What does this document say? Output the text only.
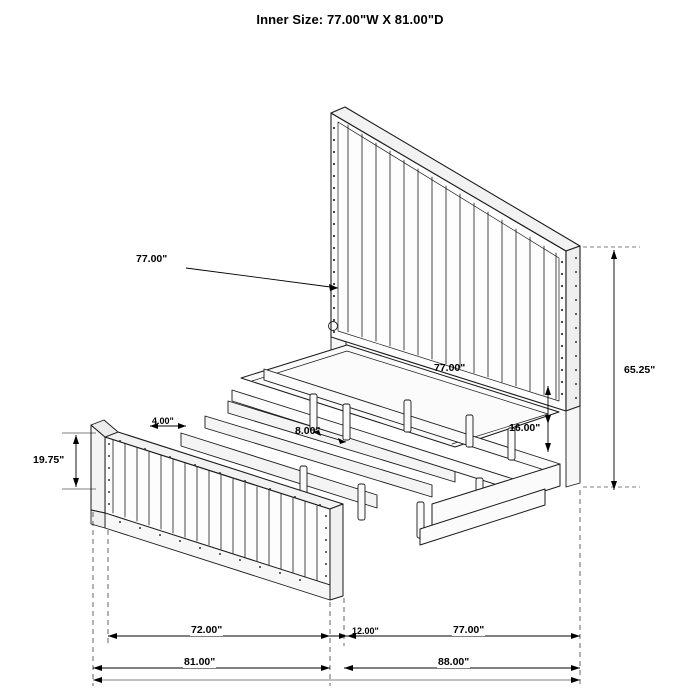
Inner Size: 77.00"W X 81.00"D
77.00"
77.00"	65.25"
16.00"
8.00"
4.00"
19.75"
72.00"	77.00"
12.00"
81.00"	88.00"
